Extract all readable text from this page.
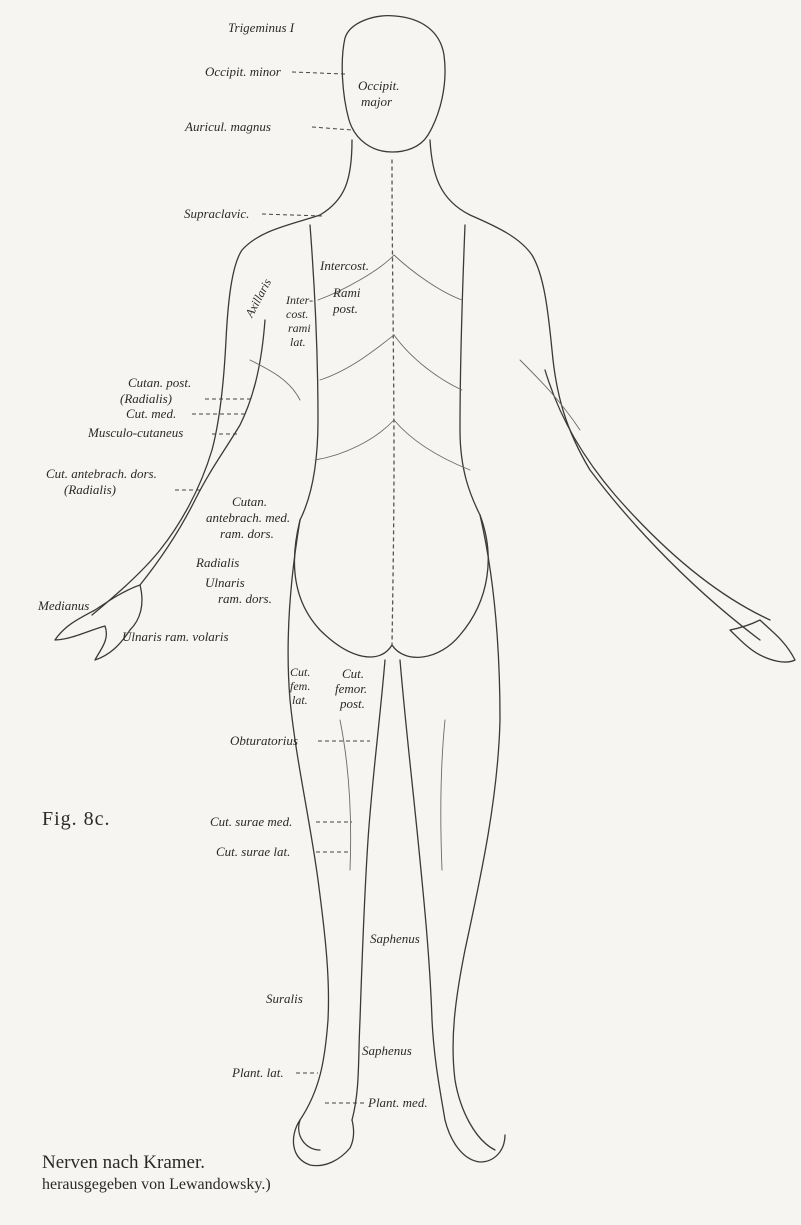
Trigeminus I
Occipit. minor
Occipit.
major
Auricul. magnus
Supraclavic.
Axillaris
Intercost.
Rami
post.
Inter-
cost.
rami
lat.
Cutan. post.
(Radialis)
Cut. med.
Musculo-cutaneus
Cut. antebrach. dors.
(Radialis)
Cutan.
antebrach. med.
ram. dors.
Radialis
Ulnaris
ram. dors.
Medianus
Ulnaris ram. volaris
Cut.
fem.
lat.
Cut.
femor.
post.
Obturatorius
Cut. surae med.
Cut. surae lat.
Saphenus
Suralis
Saphenus
Plant. lat.
Plant. med.
Fig. 8c.
Nerven nach Kramer.
herausgegeben von Lewandowsky.)
